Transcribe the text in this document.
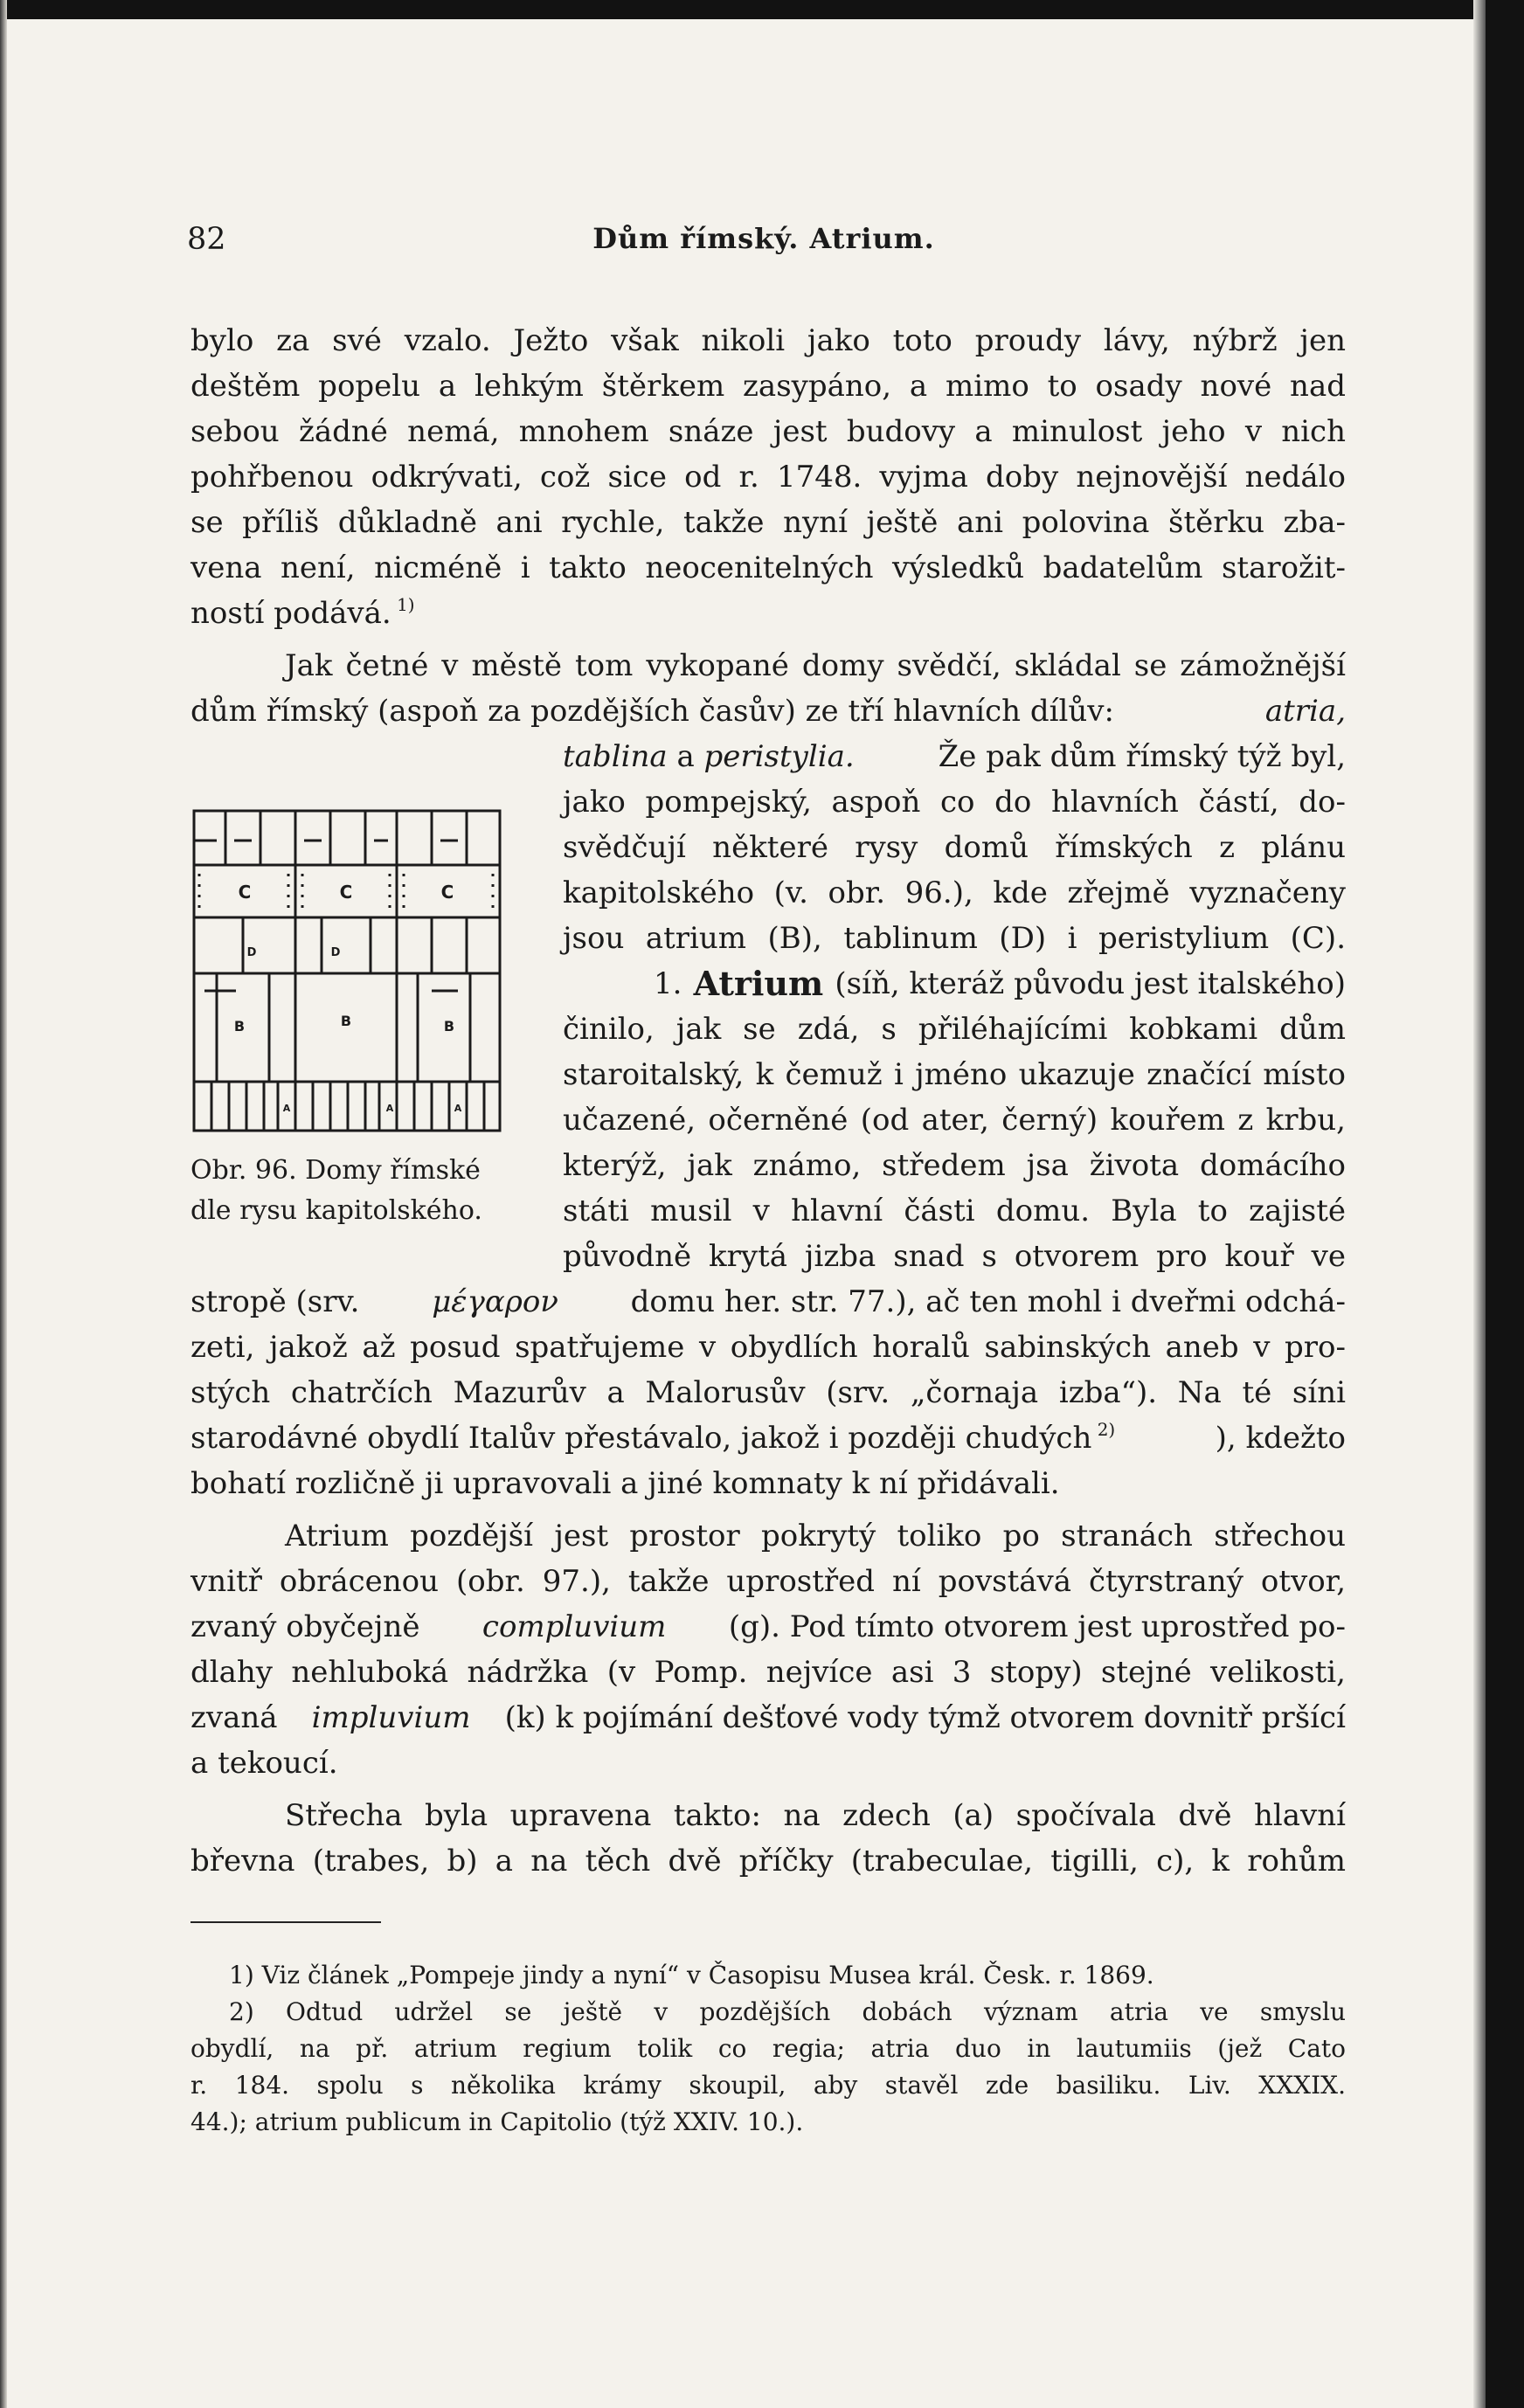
82	Dům římský. Atrium.
bylo za své vzalo. Ježto však nikoli jako toto proudy lávy, nýbrž jen
deštěm popelu a lehkým štěrkem zasypáno, a mimo to osady nové nad
sebou žádné nemá, mnohem snáze jest budovy a minulost jeho v nich
pohřbenou odkrývati, což sice od r. 1748. vyjma doby nejnovější nedálo
se příliš důkladně ani rychle, takže nyní ještě ani polovina štěrku zba-
vena není, nicméně i takto neocenitelných výsledků badatelům starožit-
ností podává. $^{1)}$
Jak četné v městě tom vykopané domy svědčí, skládal se zámožnější
dům římský (aspoň za pozdějších časův) ze tří hlavních dílův:	atria,
tablina a peristylia.	Že pak dům římský týž byl,
jako pompejský, aspoň co do hlavních částí, do-
svědčují některé rysy domů římských z plánu
kapitolského (v. obr. 96.), kde zřejmě vyznačeny
jsou atrium (B), tablinum (D) i peristylium (C).
1. Atrium (síň, kteráž původu jest italského)
činilo, jak se zdá, s přiléhajícími kobkami dům
staroitalský, k čemuž i jméno ukazuje značící místo
učazené, očerněné (od ater, černý) kouřem z krbu,
kterýž, jak známo, středem jsa života domácího
státi musil v hlavní části domu. Byla to zajisté
původně krytá jizba snad s otvorem pro kouř ve
C	C	C
D	D
B	B	B
A	A	A
Obr. 96. Domy římské
dle rysu kapitolského.
stropě (srv. μέγαρον domu her. str. 77.), ač ten mohl i dveřmi odchá-
zeti, jakož až posud spatřujeme v obydlích horalů sabinských aneb v pro-
stých chatrčích Mazurův a Malorusův (srv. „čornaja izba“). Na té síni
starodávné obydlí Italův přestávalo, jakož i později chudých $^{2)}$	), kdežto
bohatí rozličně ji upravovali a jiné komnaty k ní přidávali.
Atrium pozdější jest prostor pokrytý toliko po stranách střechou
vnitř obrácenou (obr. 97.), takže uprostřed ní povstává čtyrstraný otvor,
zvaný obyčejně compluvium (g). Pod tímto otvorem jest uprostřed po-
dlahy nehluboká nádržka (v Pomp. nejvíce asi 3 stopy) stejné velikosti,
zvaná impluvium (k) k pojímání dešťové vody týmž otvorem dovnitř pršící
a tekoucí.
Střecha byla upravena takto: na zdech (a) spočívala dvě hlavní
břevna (trabes, b) a na těch dvě příčky (trabeculae, tigilli, c), k rohům
1) Viz článek „Pompeje jindy a nyní“ v Časopisu Musea král. Česk. r. 1869.
2) Odtud udržel se ještě v pozdějších dobách význam atria ve smyslu
obydlí, na př. atrium regium tolik co regia; atria duo in lautumiis (jež Cato
r. 184. spolu s několika krámy skoupil, aby stavěl zde basiliku. Liv. XXXIX.
44.); atrium publicum in Capitolio (týž XXIV. 10.).
